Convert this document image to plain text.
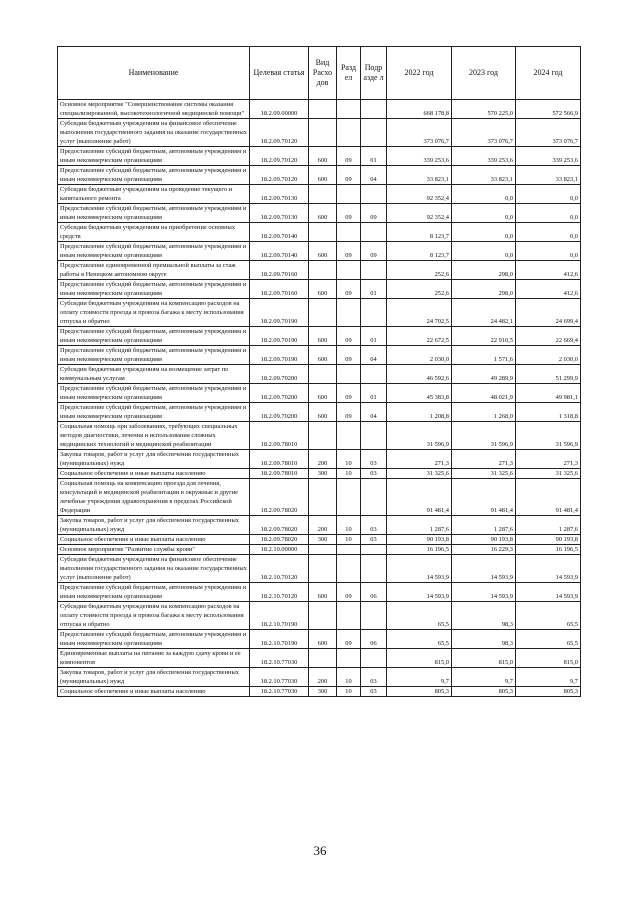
Наименование	Целевая статья	Вид Расхо дов	Разд ел	Подр азде л	2022 год	2023 год	2024 год
Основное мероприятие "Совершенствование системы оказания специализированной, высокотехнологичной медицинской помощи"	18.2.09.00000				668 178,8	570 225,0	572 566,9
Субсидии бюджетным учреждениям на финансовое обеспечение выполнения государственного задания на оказание государственных услуг (выполнение работ)	18.2.09.70120				373 076,7	373 076,7	373 076,7
Предоставление субсидий бюджетным, автономным учреждениям и иным некоммерческим организациям	18.2.09.70120	600	09	01	339 253,6	339 253,6	339 253,6
Предоставление субсидий бюджетным, автономным учреждениям и иным некоммерческим организациям	18.2.09.70120	600	09	04	33 823,1	33 823,1	33 823,1
Субсидии бюджетным учреждениям на проведение текущего и капитального ремонта	18.2.09.70130				92 352,4	0,0	0,0
Предоставление субсидий бюджетным, автономным учреждениям и иным некоммерческим организациям	18.2.09.70130	600	09	09	92 352,4	0,0	0,0
Субсидии бюджетным учреждениям на приобретение основных средств	18.2.09.70140				8 123,7	0,0	0,0
Предоставление субсидий бюджетным, автономным учреждениям и иным некоммерческим организациям	18.2.09.70140	600	09	09	8 123,7	0,0	0,0
Предоставление единовременной премиальной выплаты за стаж работы в Ненецком автономном округе	18.2.09.70160				252,6	298,0	412,6
Предоставление субсидий бюджетным, автономным учреждениям и иным некоммерческим организациям	18.2.09.70160	600	09	01	252,6	298,0	412,6
Субсидии бюджетным учреждениям на компенсацию расходов на оплату стоимости проезда и провоза багажа к месту использования отпуска и обратно	18.2.09.70190				24 702,5	24 482,1	24 699,4
Предоставление субсидий бюджетным, автономным учреждениям и иным некоммерческим организациям	18.2.09.70190	600	09	01	22 672,5	22 910,5	22 669,4
Предоставление субсидий бюджетным, автономным учреждениям и иным некоммерческим организациям	18.2.09.70190	600	09	04	2 030,0	1 571,6	2 030,0
Субсидии бюджетным учреждениям на возмещение затрат по коммунальным услугам	18.2.09.70200				46 592,6	49 289,9	51 299,9
Предоставление субсидий бюджетным, автономным учреждениям и иным некоммерческим организациям	18.2.09.70200	600	09	01	45 383,8	48 021,9	49 981,1
Предоставление субсидий бюджетным, автономным учреждениям и иным некоммерческим организациям	18.2.09.70200	600	09	04	1 208,8	1 268,0	1 318,8
Социальная помощь при заболеваниях, требующих специальных методов диагностики, лечения и использования сложных медицинских технологий и медицинской реабилитации	18.2.09.78010				31 596,9	31 596,9	31 596,9
Закупка товаров, работ и услуг для обеспечения государственных (муниципальных) нужд	18.2.09.78010	200	10	03	271,3	271,3	271,3
Социальное обеспечение и иные выплаты населению	18.2.09.78010	300	10	03	31 325,6	31 325,6	31 325,6
Социальная помощь на компенсацию проезда для лечения, консультаций и медицинской реабилитации в окружные и другие лечебные учреждения здравоохранения в пределах Российской Федерации	18.2.09.78020				91 481,4	91 481,4	91 481,4
Закупка товаров, работ и услуг для обеспечения государственных (муниципальных) нужд	18.2.09.78020	200	10	03	1 287,6	1 287,6	1 287,6
Социальное обеспечение и иные выплаты населению	18.2.09.78020	300	10	03	90 193,8	90 193,8	90 193,8
Основное мероприятие "Развитие службы крови"	18.2.10.00000				16 196,5	16 229,3	16 196,5
Субсидии бюджетным учреждениям на финансовое обеспечение выполнения государственного задания на оказание государственных услуг (выполнение работ)	18.2.10.70120				14 593,9	14 593,9	14 593,9
Предоставление субсидий бюджетным, автономным учреждениям и иным некоммерческим организациям	18.2.10.70120	600	09	06	14 593,9	14 593,9	14 593,9
Субсидии бюджетным учреждениям на компенсацию расходов на оплату стоимости проезда и провоза багажа к месту использования отпуска и обратно	18.2.10.70190				65,5	98,3	65,5
Предоставление субсидий бюджетным, автономным учреждениям и иным некоммерческим организациям	18.2.10.70190	600	09	06	65,5	98,3	65,5
Единовременные выплаты на питание за каждую сдачу крови и ее компонентов	18.2.10.77030				815,0	815,0	815,0
Закупка товаров, работ и услуг для обеспечения государственных (муниципальных) нужд	18.2.10.77030	200	10	03	9,7	9,7	9,7
Социальное обеспечение и иные выплаты населению	18.2.10.77030	300	10	03	805,3	805,3	805,3
36
